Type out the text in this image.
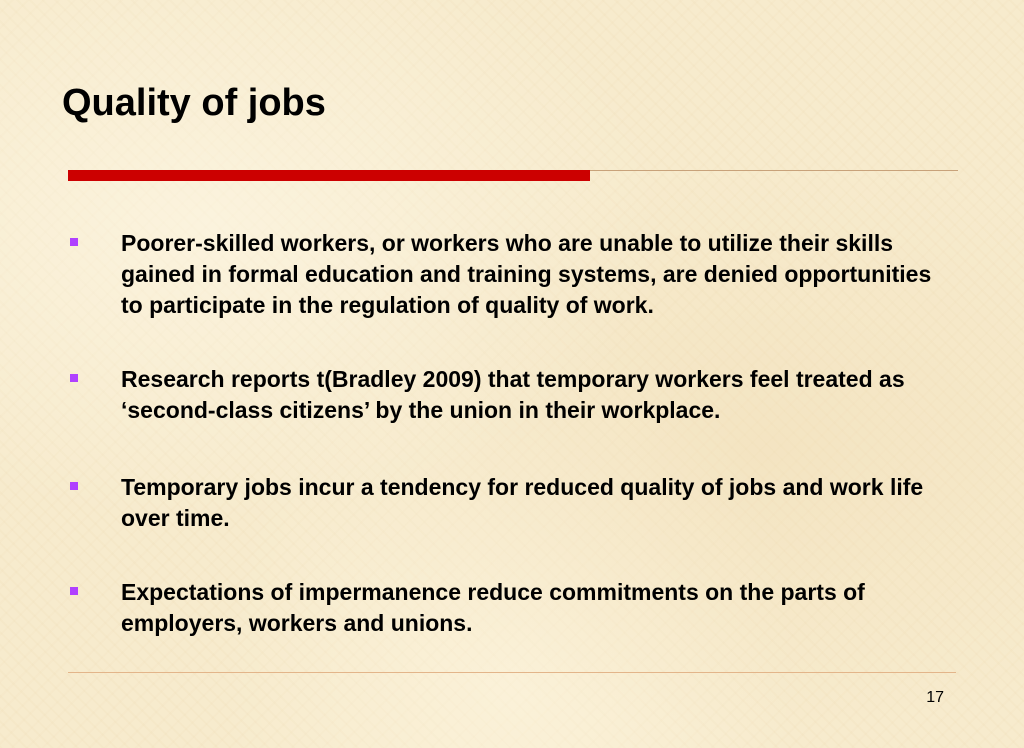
Quality of jobs
Poorer-skilled workers, or workers who are unable to utilize their skills gained in formal education and training systems, are denied opportunities to participate in the regulation of quality of work.
Research reports t(Bradley 2009) that temporary workers feel treated as ‘second-class citizens’ by the union in their workplace.
Temporary jobs incur a tendency for reduced quality of jobs and work life over time.
Expectations of impermanence reduce commitments on the parts of employers, workers and unions.
17
